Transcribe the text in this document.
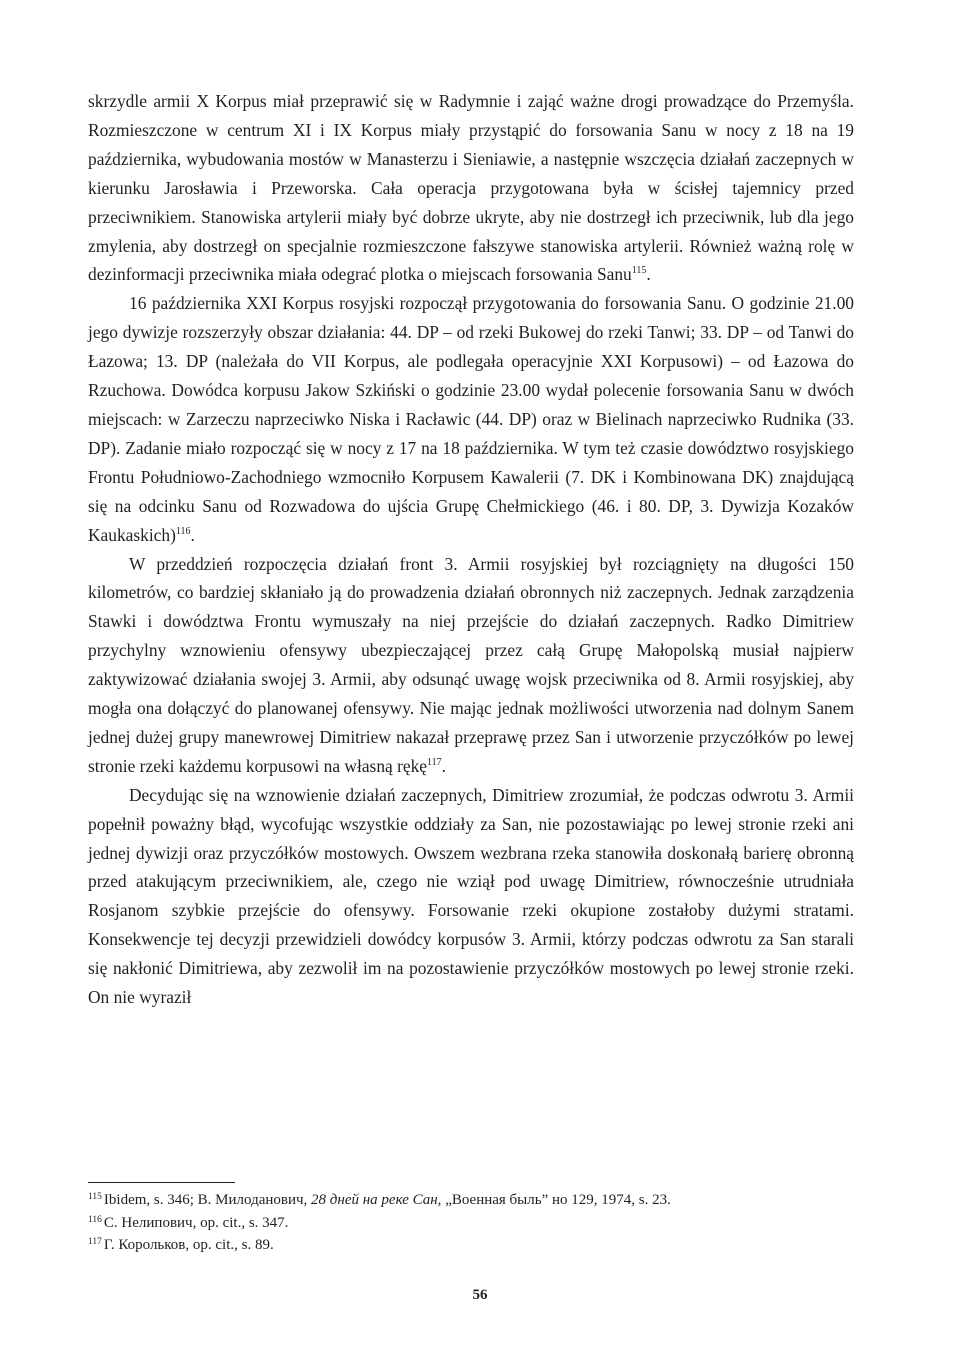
skrzydle armii X Korpus miał przeprawić się w Radymnie i zająć ważne drogi prowadzące do Przemyśla. Rozmieszczone w centrum XI i IX Korpus miały przystąpić do forsowania Sanu w nocy z 18 na 19 października, wybudowania mostów w Manasterzu i Sieniawie, a następnie wszczęcia działań zaczepnych w kierunku Jarosławia i Przeworska. Cała operacja przygotowana była w ścisłej tajemnicy przed przeciwnikiem. Stanowiska artylerii miały być dobrze ukryte, aby nie dostrzegł ich przeciwnik, lub dla jego zmylenia, aby dostrzegł on specjalnie rozmieszczone fałszywe stanowiska artylerii. Również ważną rolę w dezinformacji przeciwnika miała odegrać plotka o miejscach forsowania Sanu$^{115}$.

16 października XXI Korpus rosyjski rozpoczął przygotowania do forsowania Sanu. O godzinie 21.00 jego dywizje rozszerzyły obszar działania: 44. DP – od rzeki Bukowej do rzeki Tanwi; 33. DP – od Tanwi do Łazowa; 13. DP (należała do VII Korpus, ale podlegała operacyjnie XXI Korpusowi) – od Łazowa do Rzuchowa. Dowódca korpusu Jakow Szkiński o godzinie 23.00 wydał polecenie forsowania Sanu w dwóch miejscach: w Zarzeczu naprzeciwko Niska i Racławic (44. DP) oraz w Bielinach naprzeciwko Rudnika (33. DP). Zadanie miało rozpocząć się w nocy z 17 na 18 października. W tym też czasie dowództwo rosyjskiego Frontu Południowo-Zachodniego wzmocniło Korpusem Kawalerii (7. DK i Kombinowana DK) znajdującą się na odcinku Sanu od Rozwadowa do ujścia Grupę Chełmickiego (46. i 80. DP, 3. Dywizja Kozaków Kaukaskich)$^{116}$.

W przeddzień rozpoczęcia działań front 3. Armii rosyjskiej był rozciągnięty na długości 150 kilometrów, co bardziej skłaniało ją do prowadzenia działań obronnych niż zaczepnych. Jednak zarządzenia Stawki i dowództwa Frontu wymuszały na niej przejście do działań zaczepnych. Radko Dimitriew przychylny wznowieniu ofensywy ubezpieczającej przez całą Grupę Małopolską musiał najpierw zaktywizować działania swojej 3. Armii, aby odsunąć uwagę wojsk przeciwnika od 8. Armii rosyjskiej, aby mogła ona dołączyć do planowanej ofensywy. Nie mając jednak możliwości utworzenia nad dolnym Sanem jednej dużej grupy manewrowej Dimitriew nakazał przeprawę przez San i utworzenie przyczółków po lewej stronie rzeki każdemu korpusowi na własną rękę$^{117}$.

Decydując się na wznowienie działań zaczepnych, Dimitriew zrozumiał, że podczas odwrotu 3. Armii popełnił poważny błąd, wycofując wszystkie oddziały za San, nie pozostawiając po lewej stronie rzeki ani jednej dywizji oraz przyczółków mostowych. Owszem wezbrana rzeka stanowiła doskonałą barierę obronną przed atakującym przeciwnikiem, ale, czego nie wziął pod uwagę Dimitriew, równocześnie utrudniała Rosjanom szybkie przejście do ofensywy. Forsowanie rzeki okupione zostałoby dużymi stratami. Konsekwencje tej decyzji przewidzieli dowódcy korpusów 3. Armii, którzy podczas odwrotu za San starali się nakłonić Dimitriewa, aby zezwolił im na pozostawienie przyczółków mostowych po lewej stronie rzeki. On nie wyraził

$^{115}$ Ibidem, s. 346; В. Милоданович, 28 дней на реке Сан, „Военная быль” но 129, 1974, s. 23.
$^{116}$ С. Нелипович, op. cit., s. 347.
$^{117}$ Г. Корольков, op. cit., s. 89.
56
